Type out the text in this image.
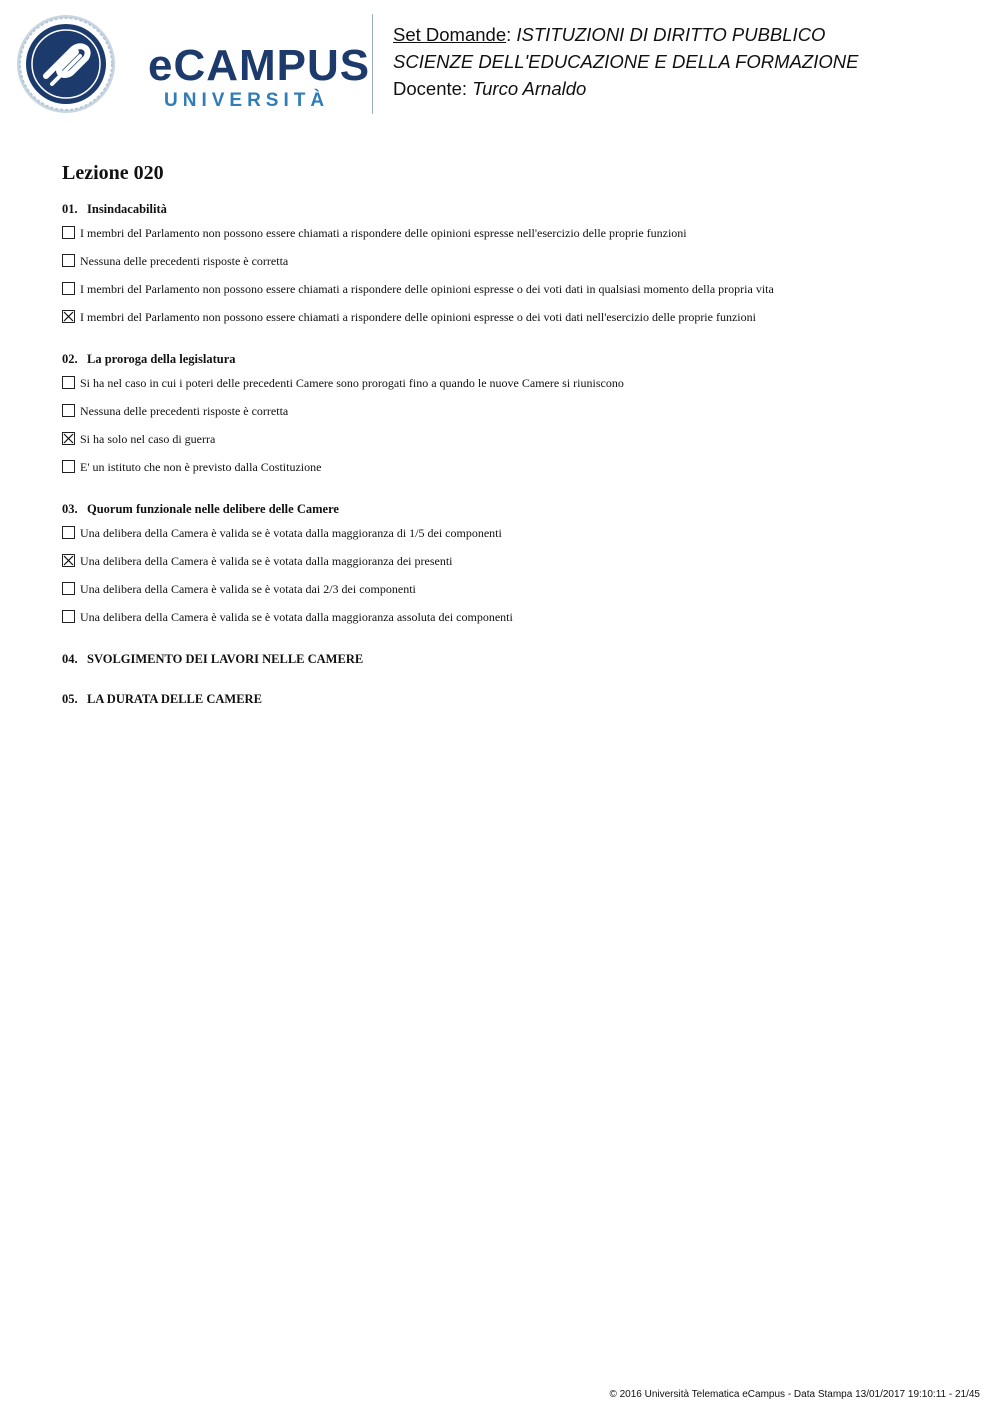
eCAMPUS
UNIVERSITÀ
Set Domande: ISTITUZIONI DI DIRITTO PUBBLICO
SCIENZE DELL'EDUCAZIONE E DELLA FORMAZIONE
Docente: Turco Arnaldo
Lezione 020
01. Insindacabilità
I membri del Parlamento non possono essere chiamati a rispondere delle opinioni espresse nell'esercizio delle proprie funzioni
Nessuna delle precedenti risposte è corretta
I membri del Parlamento non possono essere chiamati a rispondere delle opinioni espresse o dei voti dati in qualsiasi momento della propria vita
I membri del Parlamento non possono essere chiamati a rispondere delle opinioni espresse o dei voti dati nell'esercizio delle proprie funzioni
02. La proroga della legislatura
Si ha nel caso in cui i poteri delle precedenti Camere sono prorogati fino a quando le nuove Camere si riuniscono
Nessuna delle precedenti risposte è corretta
Si ha solo nel caso di guerra
E' un istituto che non è previsto dalla Costituzione
03. Quorum funzionale nelle delibere delle Camere
Una delibera della Camera è valida se è votata dalla maggioranza di 1/5 dei componenti
Una delibera della Camera è valida se è votata dalla maggioranza dei presenti
Una delibera della Camera è valida se è votata dai 2/3 dei componenti
Una delibera della Camera è valida se è votata dalla maggioranza assoluta dei componenti
04. SVOLGIMENTO DEI LAVORI NELLE CAMERE
05. LA DURATA DELLE CAMERE
© 2016 Università Telematica eCampus - Data Stampa 13/01/2017 19:10:11 - 21/45
